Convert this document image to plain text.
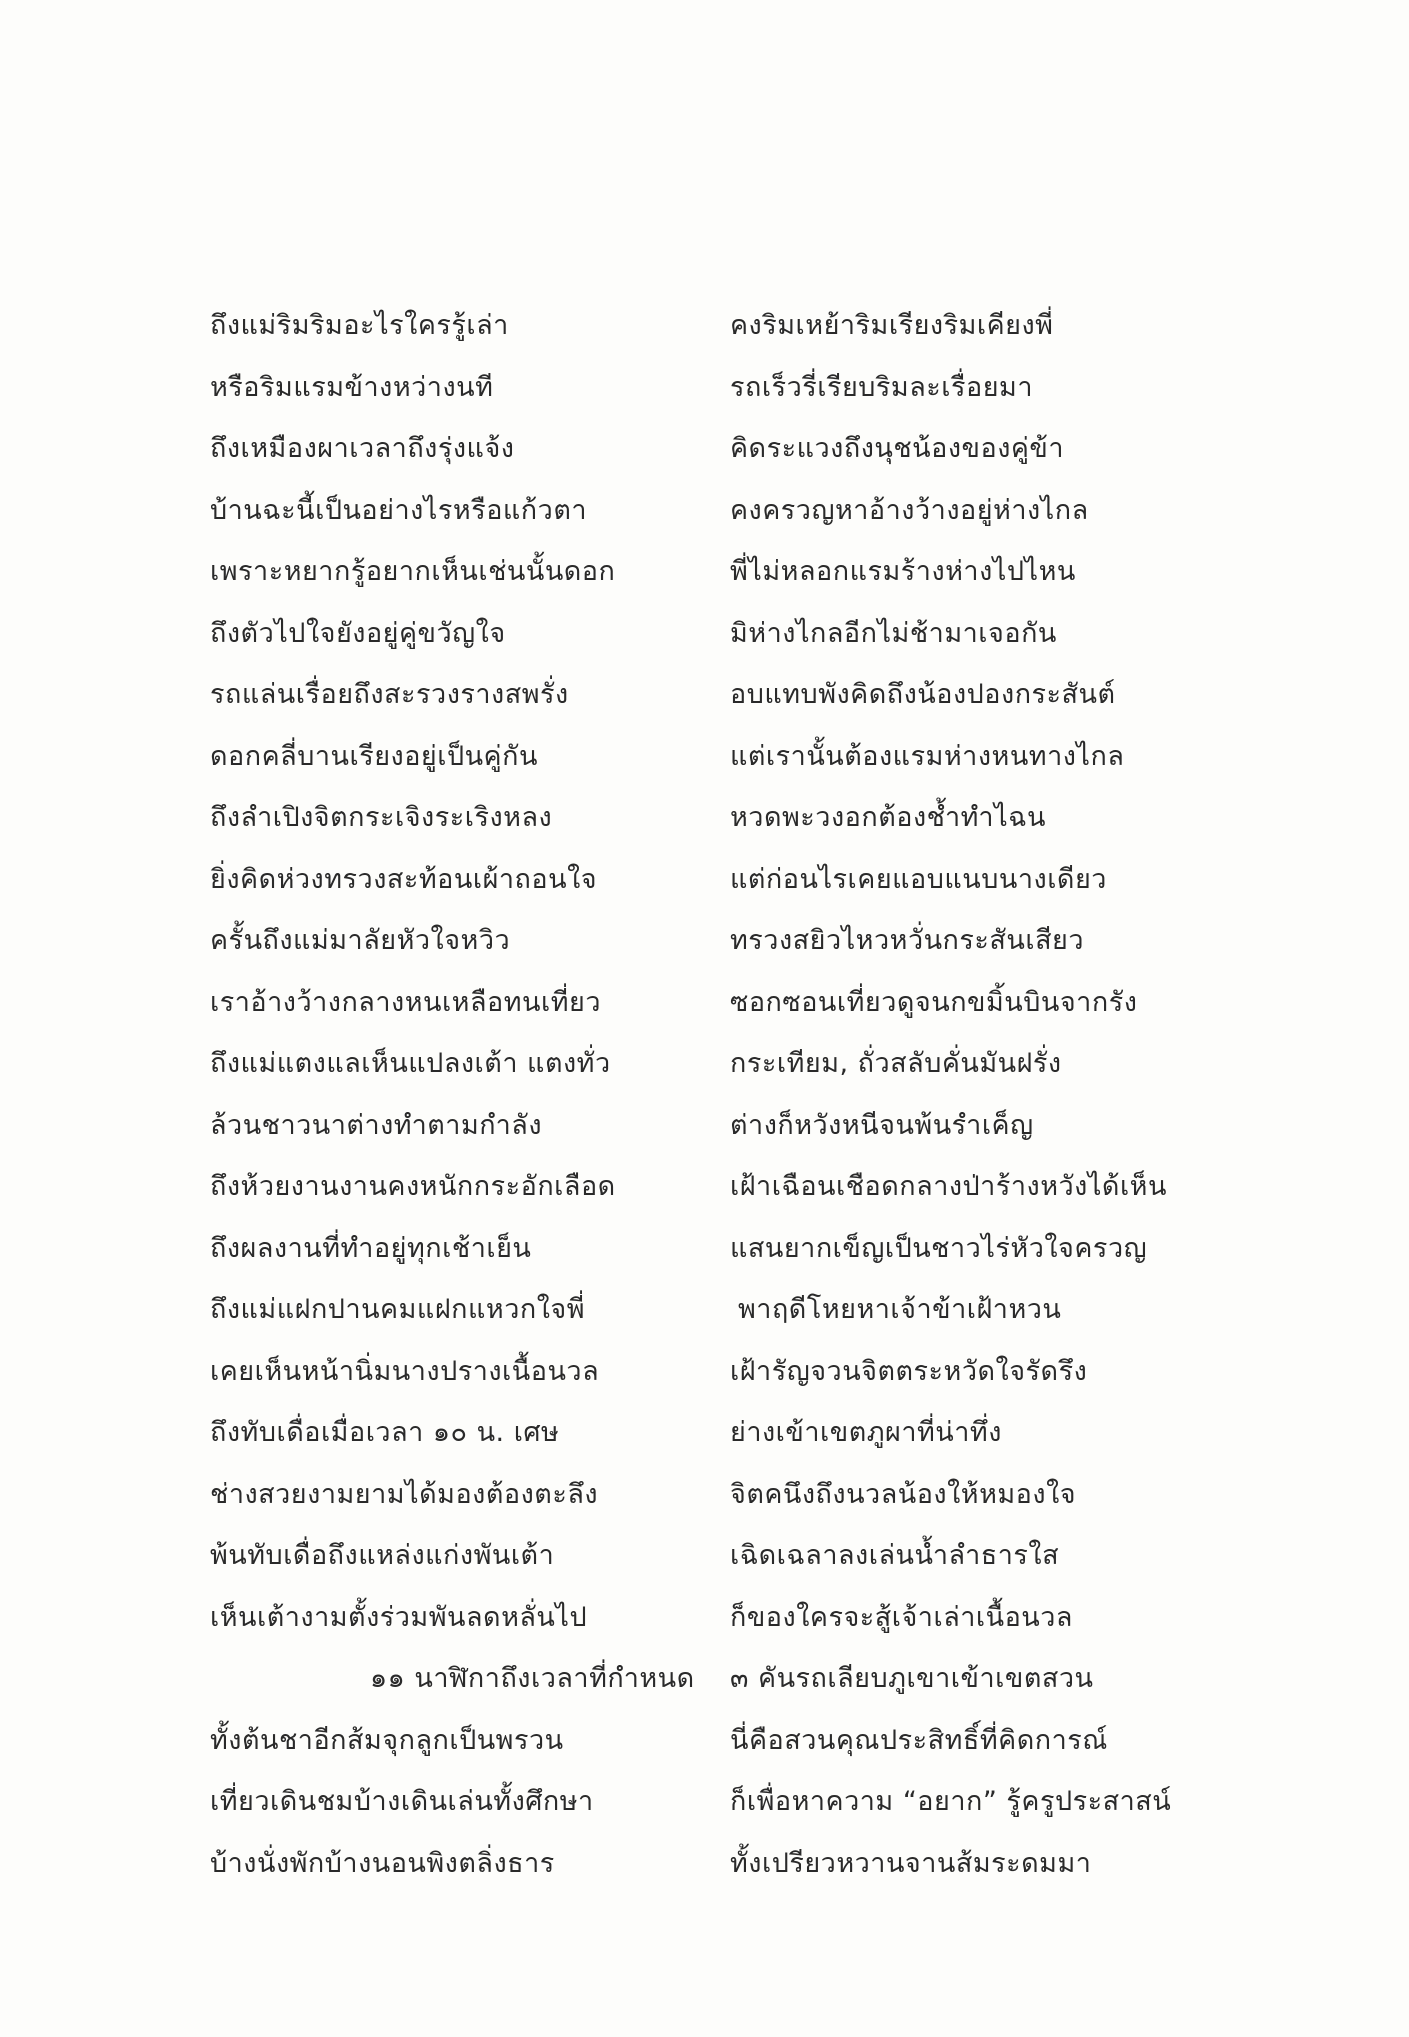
ถึงแม่ริมริมอะไรใครรู้เล่า
หรือริมแรมข้างหว่างนที
ถึงเหมืองผาเวลาถึงรุ่งแจ้ง
บ้านฉะนี้เป็นอย่างไรหรือแก้วตา
เพราะหยากรู้อยากเห็นเช่นนั้นดอก
ถึงตัวไปใจยังอยู่คู่ขวัญใจ
รถแล่นเรื่อยถึงสะรวงรางสพรั่ง
ดอกคลี่บานเรียงอยู่เป็นคู่กัน
ถึงลำเปิงจิตกระเจิงระเริงหลง
ยิ่งคิดห่วงทรวงสะท้อนเผ้าถอนใจ
ครั้นถึงแม่มาลัยหัวใจหวิว
เราอ้างว้างกลางหนเหลือทนเที่ยว
ถึงแม่แตงแลเห็นแปลงเต้า แตงทั่ว
ล้วนชาวนาต่างทำตามกำลัง
ถึงห้วยงานงานคงหนักกระอักเลือด
ถึงผลงานที่ทำอยู่ทุกเช้าเย็น
ถึงแม่แฝกปานคมแฝกแหวกใจพี่
เคยเห็นหน้านิ่มนางปรางเนื้อนวล
ถึงทับเดื่อเมื่อเวลา ๑๐ น. เศษ
ช่างสวยงามยามได้มองต้องตะลึง
พ้นทับเดื่อถึงแหล่งแก่งพันเต้า
เห็นเต้างามตั้งร่วมพันลดหลั่นไป
๑๑ นาฬิกาถึงเวลาที่กำหนด
ทั้งต้นชาอีกส้มจุกลูกเป็นพรวน
เที่ยวเดินชมบ้างเดินเล่นทั้งศึกษา
บ้างนั่งพักบ้างนอนพิงตลิ่งธาร
คงริมเหย้าริมเรียงริมเคียงพี่
รถเร็วรี่เรียบริมละเรื่อยมา
คิดระแวงถึงนุชน้องของคู่ข้า
คงครวญหาอ้างว้างอยู่ห่างไกล
พี่ไม่หลอกแรมร้างห่างไปไหน
มิห่างไกลอีกไม่ช้ามาเจอกัน
อบแทบพังคิดถึงน้องปองกระสันต์
แต่เรานั้นต้องแรมห่างหนทางไกล
หวดพะวงอกต้องช้ำทำไฉน
แต่ก่อนไรเคยแอบแนบนางเดียว
ทรวงสยิวไหวหวั่นกระสันเสียว
ซอกซอนเที่ยวดูจนกขมิ้นบินจากรัง
กระเทียม, ถั่วสลับคั่นมันฝรั่ง
ต่างก็หวังหนีจนพ้นรำเค็ญ
เฝ้าเฉือนเชือดกลางป่าร้างหวังได้เห็น
แสนยากเข็ญเป็นชาวไร่หัวใจครวญ
พาฤดีโหยหาเจ้าข้าเฝ้าหวน
เฝ้ารัญจวนจิตตระหวัดใจรัดรึง
ย่างเข้าเขตภูผาที่น่าทึ่ง
จิตคนึงถึงนวลน้องให้หมองใจ
เฉิดเฉลาลงเล่นน้ำลำธารใส
ก็ของใครจะสู้เจ้าเล่าเนื้อนวล
๓ คันรถเลียบภูเขาเข้าเขตสวน
นี่คือสวนคุณประสิทธิ์ที่คิดการณ์
ก็เพื่อหาความ “อยาก” รู้ครูประสาสน์
ทั้งเปรียวหวานจานส้มระดมมา
